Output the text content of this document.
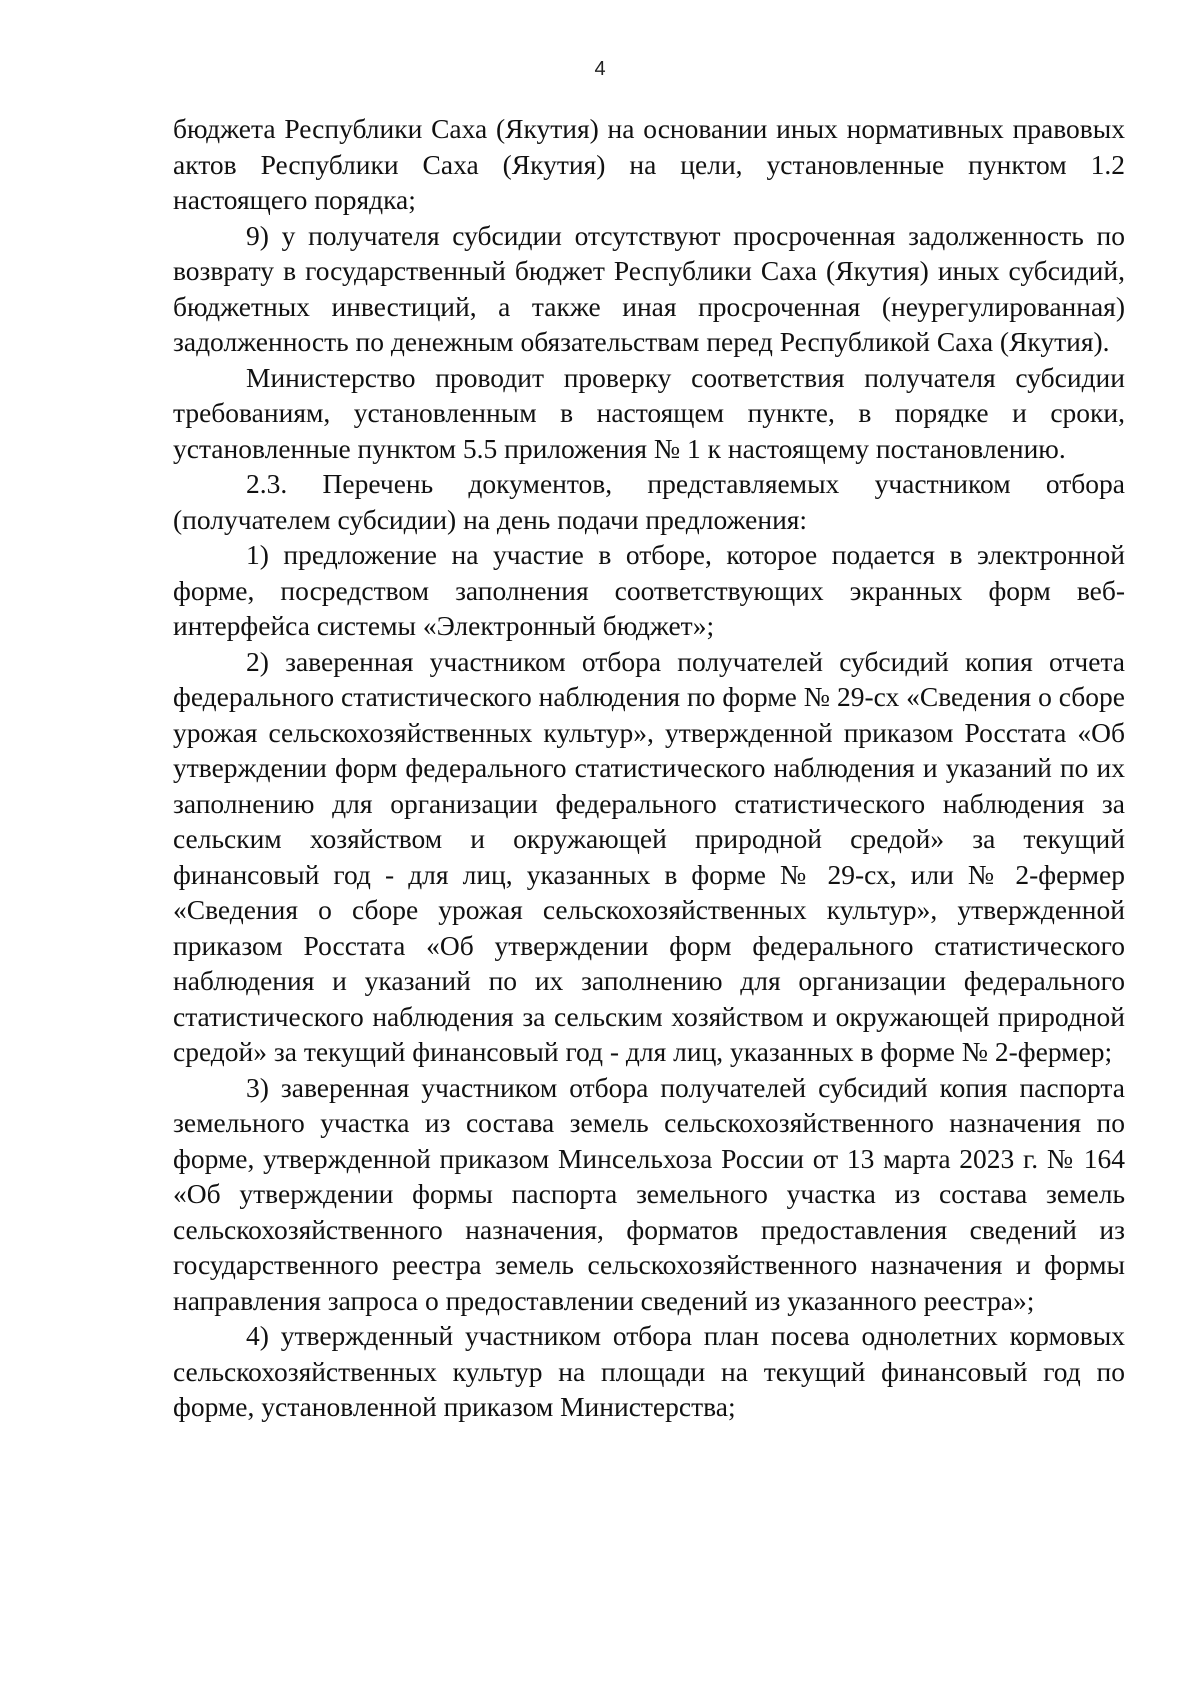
4

бюджета Республики Саха (Якутия) на основании иных нормативных правовых актов Республики Саха (Якутия) на цели, установленные пунктом 1.2 настоящего порядка;

9) у получателя субсидии отсутствуют просроченная задолженность по возврату в государственный бюджет Республики Саха (Якутия) иных субсидий, бюджетных инвестиций, а также иная просроченная (неурегулированная) задолженность по денежным обязательствам перед Республикой Саха (Якутия).

Министерство проводит проверку соответствия получателя субсидии требованиям, установленным в настоящем пункте, в порядке и сроки, установленные пунктом 5.5 приложения № 1 к настоящему постановлению.

2.3. Перечень документов, представляемых участником отбора (получателем субсидии) на день подачи предложения:

1) предложение на участие в отборе, которое подается в электронной форме, посредством заполнения соответствующих экранных форм веб-интерфейса системы «Электронный бюджет»;

2) заверенная участником отбора получателей субсидий копия отчета федерального статистического наблюдения по форме № 29-сх «Сведения о сборе урожая сельскохозяйственных культур», утвержденной приказом Росстата «Об утверждении форм федерального статистического наблюдения и указаний по их заполнению для организации федерального статистического наблюдения за сельским хозяйством и окружающей природной средой» за текущий финансовый год - для лиц, указанных в форме № 29-сх, или № 2-фермер «Сведения о сборе урожая сельскохозяйственных культур», утвержденной приказом Росстата «Об утверждении форм федерального статистического наблюдения и указаний по их заполнению для организации федерального статистического наблюдения за сельским хозяйством и окружающей природной средой» за текущий финансовый год - для лиц, указанных в форме № 2-фермер;

3) заверенная участником отбора получателей субсидий копия паспорта земельного участка из состава земель сельскохозяйственного назначения по форме, утвержденной приказом Минсельхоза России от 13 марта 2023 г. № 164 «Об утверждении формы паспорта земельного участка из состава земель сельскохозяйственного назначения, форматов предоставления сведений из государственного реестра земель сельскохозяйственного назначения и формы направления запроса о предоставлении сведений из указанного реестра»;

4) утвержденный участником отбора план посева однолетних кормовых сельскохозяйственных культур на площади на текущий финансовый год по форме, установленной приказом Министерства;
